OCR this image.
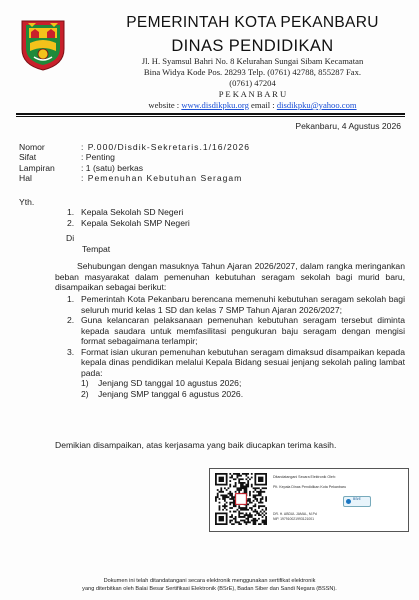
PEMERINTAH KOTA PEKANBARU
DINAS PENDIDIKAN
Jl. H. Syamsul Bahri No. 8 Kelurahan Sungai Sibam Kecamatan
Bina Widya Kode Pos. 28293 Telp. (0761) 42788, 855287 Fax.
(0761) 47204
P E K A N B A R U
website : www.disdikpku.org email : disdikpku@yahoo.com
Pekanbaru, 4 Agustus 2026
Nomor	: P.000/Disdik-Sekretaris.1/16/2026
Sifat	: Penting
Lampiran	: 1 (satu) berkas
Hal	: Pemenuhan Kebutuhan Seragam
Yth.
1. Kepala Sekolah SD Negeri
2. Kepala Sekolah SMP Negeri
Di
Tempat
Sehubungan dengan masuknya Tahun Ajaran 2026/2027, dalam rangka meringankan beban masyarakat dalam pemenuhan kebutuhan seragam sekolah bagi murid baru, disampaikan sebagai berikut:
1. Pemerintah Kota Pekanbaru berencana memenuhi kebutuhan seragam sekolah bagi seluruh murid kelas 1 SD dan kelas 7 SMP Tahun Ajaran 2026/2027;
2. Guna kelancaran pelaksanaan pemenuhan kebutuhan seragam tersebut diminta kepada saudara untuk memfasilitasi pengukuran baju seragam dengan mengisi format sebagaimana terlampir;
3. Format isian ukuran pemenuhan kebutuhan seragam dimaksud disampaikan kepada kepala dinas pendidikan melalui Kepala Bidang sesuai jenjang sekolah paling lambat pada:
1)	Jenjang SD tanggal 10 agustus 2026;
2)	Jenjang SMP tanggal 6 agustus 2026.
Demikian disampaikan, atas kerjasama yang baik diucapkan terima kasih.
Ditandatangani Secara Elektronik Oleh:
Plt. Kepala Dinas Pendidikan Kota Pekanbaru
BSrE
DR. H. ABDUL JAMAL, M.Pd
NIP. 197910021993121001
Dokumen ini telah ditandatangani secara elektronik menggunakan sertifikat elektronik
yang diterbitkan oleh Balai Besar Sertifikasi Elektronik (BSrE), Badan Siber dan Sandi Negara (BSSN).
